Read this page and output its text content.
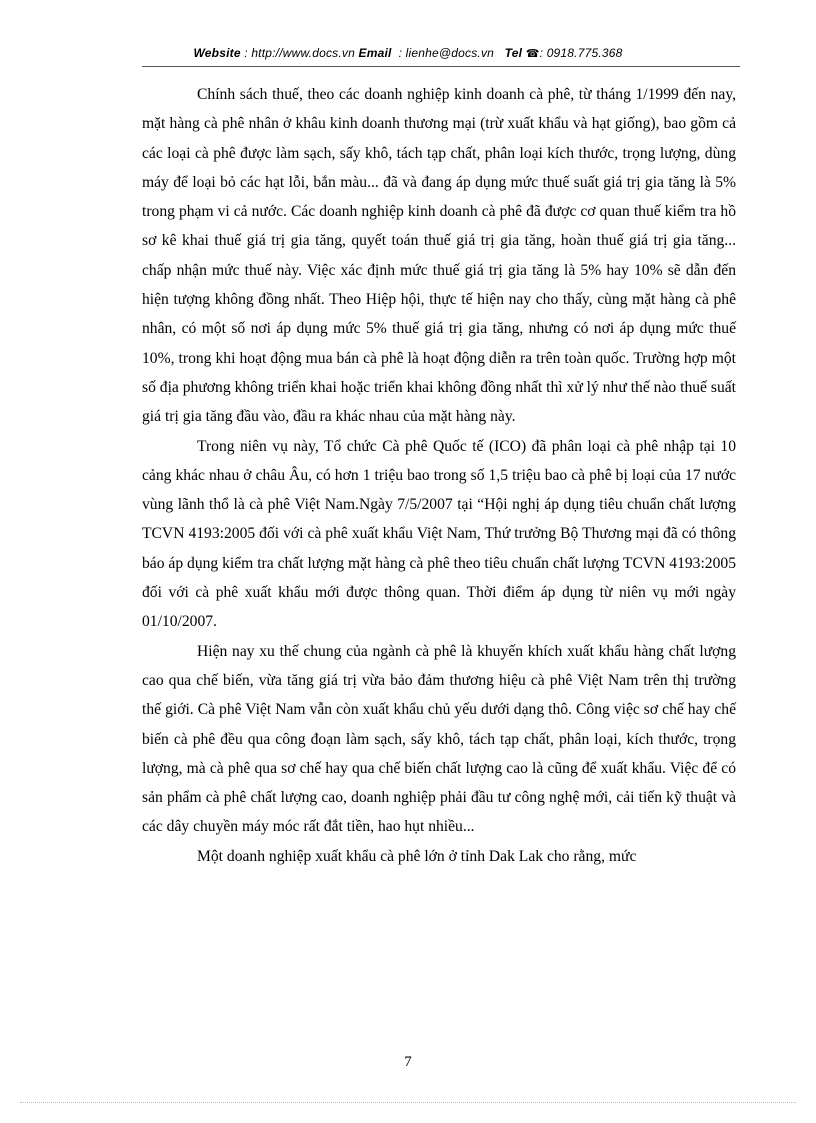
Website : http://www.docs.vn Email  : lienhe@docs.vn Tel ☎: 0918.775.368

Chính sách thuế, theo các doanh nghiệp kinh doanh cà phê, từ tháng 1/1999 đến nay, mặt hàng cà phê nhân ở khâu kinh doanh thương mại (trừ xuất khẩu và hạt giống), bao gồm cả các loại cà phê được làm sạch, sấy khô, tách tạp chất, phân loại kích thước, trọng lượng, dùng máy để loại bỏ các hạt lỗi, bắn màu... đã và đang áp dụng mức thuế suất giá trị gia tăng là 5% trong phạm vi cả nước. Các doanh nghiệp kinh doanh cà phê đã được cơ quan thuế kiểm tra hồ sơ kê khai thuế giá trị gia tăng, quyết toán thuế giá trị gia tăng, hoàn thuế giá trị gia tăng... chấp nhận mức thuế này. Việc xác định mức thuế giá trị gia tăng là 5% hay 10% sẽ dẫn đến hiện tượng không đồng nhất. Theo Hiệp hội, thực tế hiện nay cho thấy, cùng mặt hàng cà phê nhân, có một số nơi áp dụng mức 5% thuế giá trị gia tăng, nhưng có nơi áp dụng mức thuế 10%, trong khi hoạt động mua bán cà phê là hoạt động diễn ra trên toàn quốc. Trường hợp một số địa phương không triển khai hoặc triển khai không đồng nhất thì xử lý như thế nào thuế suất giá trị gia tăng đầu vào, đầu ra khác nhau của mặt hàng này.

Trong niên vụ này, Tổ chức Cà phê Quốc tế (ICO) đã phân loại cà phê nhập tại 10 cảng khác nhau ở châu Âu, có hơn 1 triệu bao trong số 1,5 triệu bao cà phê bị loại của 17 nước vùng lãnh thổ là cà phê Việt Nam.Ngày 7/5/2007 tại “Hội nghị áp dụng tiêu chuẩn chất lượng TCVN 4193:2005 đối với cà phê xuất khẩu Việt Nam, Thứ trưởng Bộ Thương mại đã có thông báo áp dụng kiểm tra chất lượng mặt hàng cà phê theo tiêu chuẩn chất lượng TCVN 4193:2005 đối với cà phê xuất khẩu mới được thông quan. Thời điểm áp dụng từ niên vụ mới ngày 01/10/2007.

Hiện nay xu thế chung của ngành cà phê là khuyến khích xuất khẩu hàng chất lượng cao qua chế biến, vừa tăng giá trị vừa bảo đảm thương hiệu cà phê Việt Nam trên thị trường thế giới. Cà phê Việt Nam vẫn còn xuất khẩu chủ yếu dưới dạng thô. Công việc sơ chế hay chế biến cà phê đều qua công đoạn làm sạch, sấy khô, tách tạp chất, phân loại, kích thước, trọng lượng, mà cà phê qua sơ chế hay qua chế biến chất lượng cao là cũng để xuất khẩu. Việc để có sản phẩm cà phê chất lượng cao, doanh nghiệp phải đầu tư công nghệ mới, cải tiến kỹ thuật và các dây chuyền máy móc rất đắt tiền, hao hụt nhiều...

Một doanh nghiệp xuất khẩu cà phê lớn ở tỉnh Dak Lak cho rằng, mức

7
